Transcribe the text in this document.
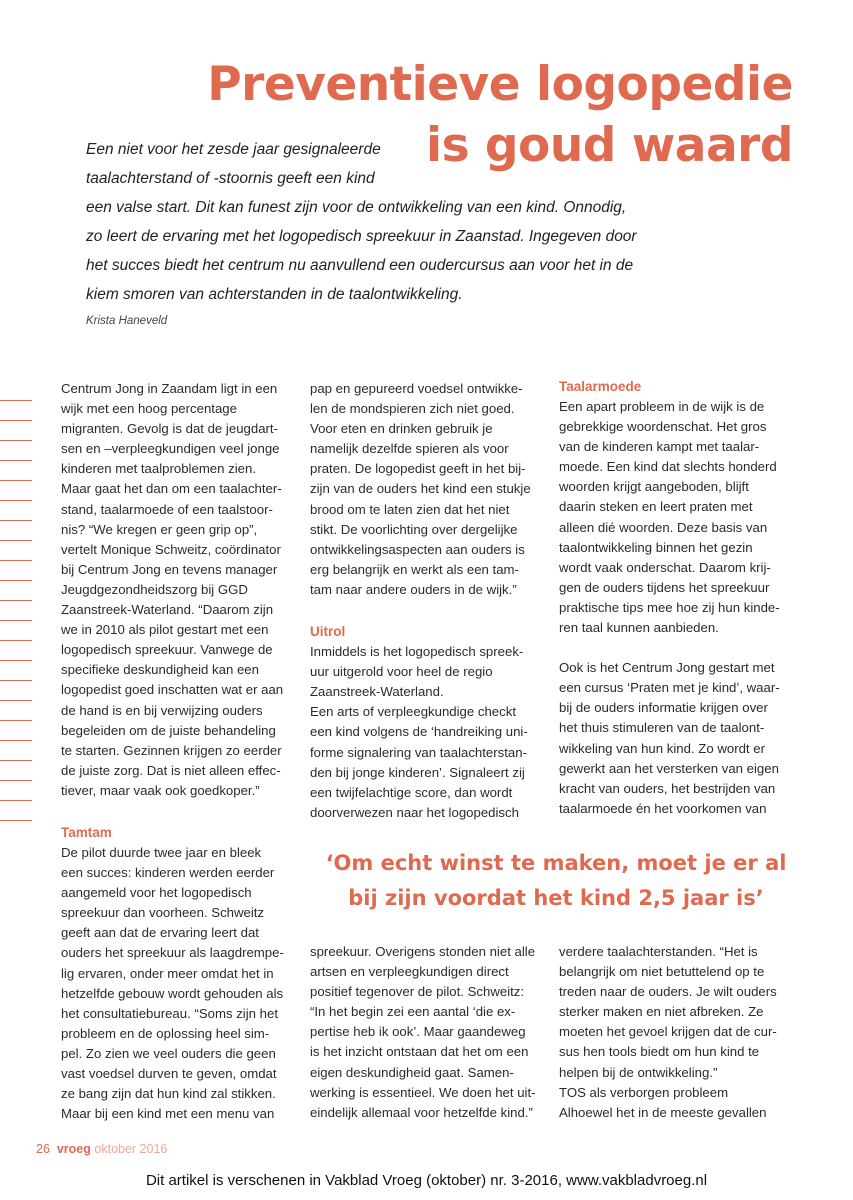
Preventieve logopedie
is goud waard

Een niet voor het zesde jaar gesignaleerde

taalachterstand of -stoornis geeft een kind

een valse start. Dit kan funest zijn voor de ontwikkeling van een kind. Onnodig,

zo leert de ervaring met het logopedisch spreekuur in Zaanstad. Ingegeven door

het succes biedt het centrum nu aanvullend een oudercursus aan voor het in de

kiem smoren van achterstanden in de taalontwikkeling.

Krista Haneveld

Centrum Jong in Zaandam ligt in een

wijk met een hoog percentage

migranten. Gevolg is dat de jeugdart-

sen en –verpleegkundigen veel jonge

kinderen met taalproblemen zien.

Maar gaat het dan om een taalachter-

stand, taalarmoede of een taalstoor-

nis? “We kregen er geen grip op”,

vertelt Monique Schweitz, coördinator

bij Centrum Jong en tevens manager

Jeugdgezondheidszorg bij GGD

Zaanstreek-Waterland. “Daarom zijn

we in 2010 als pilot gestart met een

logopedisch spreekuur. Vanwege de

specifieke deskundigheid kan een

logopedist goed inschatten wat er aan

de hand is en bij verwijzing ouders

begeleiden om de juiste behandeling

te starten. Gezinnen krijgen zo eerder

de juiste zorg. Dat is niet alleen effec-

tiever, maar vaak ook goedkoper.”

Tamtam

De pilot duurde twee jaar en bleek

een succes: kinderen werden eerder

aangemeld voor het logopedisch

spreekuur dan voorheen. Schweitz

geeft aan dat de ervaring leert dat

ouders het spreekuur als laagdrempe-

lig ervaren, onder meer omdat het in

hetzelfde gebouw wordt gehouden als

het consultatiebureau. “Soms zijn het

probleem en de oplossing heel sim-

pel. Zo zien we veel ouders die geen

vast voedsel durven te geven, omdat

ze bang zijn dat hun kind zal stikken.

Maar bij een kind met een menu van

pap en gepureerd voedsel ontwikke-

len de mondspieren zich niet goed.

Voor eten en drinken gebruik je

namelijk dezelfde spieren als voor

praten. De logopedist geeft in het bij-

zijn van de ouders het kind een stukje

brood om te laten zien dat het niet

stikt. De voorlichting over dergelijke

ontwikkelingsaspecten aan ouders is

erg belangrijk en werkt als een tam-

tam naar andere ouders in de wijk.”

Uitrol

Inmiddels is het logopedisch spreek-

uur uitgerold voor heel de regio

Zaanstreek-Waterland.

Een arts of verpleegkundige checkt

een kind volgens de ‘handreiking uni-

forme signalering van taalachterstan-

den bij jonge kinderen’. Signaleert zij

een twijfelachtige score, dan wordt

doorverwezen naar het logopedisch

Taalarmoede

Een apart probleem in de wijk is de

gebrekkige woordenschat. Het gros

van de kinderen kampt met taalar-

moede. Een kind dat slechts honderd

woorden krijgt aangeboden, blijft

daarin steken en leert praten met

alleen dié woorden. Deze basis van

taalontwikkeling binnen het gezin

wordt vaak onderschat. Daarom krij-

gen de ouders tijdens het spreekuur

praktische tips mee hoe zij hun kinde-

ren taal kunnen aanbieden.

Ook is het Centrum Jong gestart met

een cursus ‘Praten met je kind’, waar-

bij de ouders informatie krijgen over

het thuis stimuleren van de taalont-

wikkeling van hun kind. Zo wordt er

gewerkt aan het versterken van eigen

kracht van ouders, het bestrijden van

taalarmoede én het voorkomen van

‘Om echt winst te maken, moet je er al
bij zijn voordat het kind 2,5 jaar is’

spreekuur. Overigens stonden niet alle

artsen en verpleegkundigen direct

positief tegenover de pilot. Schweitz:

“In het begin zei een aantal ‘die ex-

pertise heb ik ook’. Maar gaandeweg

is het inzicht ontstaan dat het om een

eigen deskundigheid gaat. Samen-

werking is essentieel. We doen het uit-

eindelijk allemaal voor hetzelfde kind.”

verdere taalachterstanden. “Het is

belangrijk om niet betuttelend op te

treden naar de ouders. Je wilt ouders

sterker maken en niet afbreken. Ze

moeten het gevoel krijgen dat de cur-

sus hen tools biedt om hun kind te

helpen bij de ontwikkeling.”

TOS als verborgen probleem

Alhoewel het in de meeste gevallen

26 vroeg oktober 2016
Dit artikel is verschenen in Vakblad Vroeg (oktober) nr. 3-2016, www.vakbladvroeg.nl
